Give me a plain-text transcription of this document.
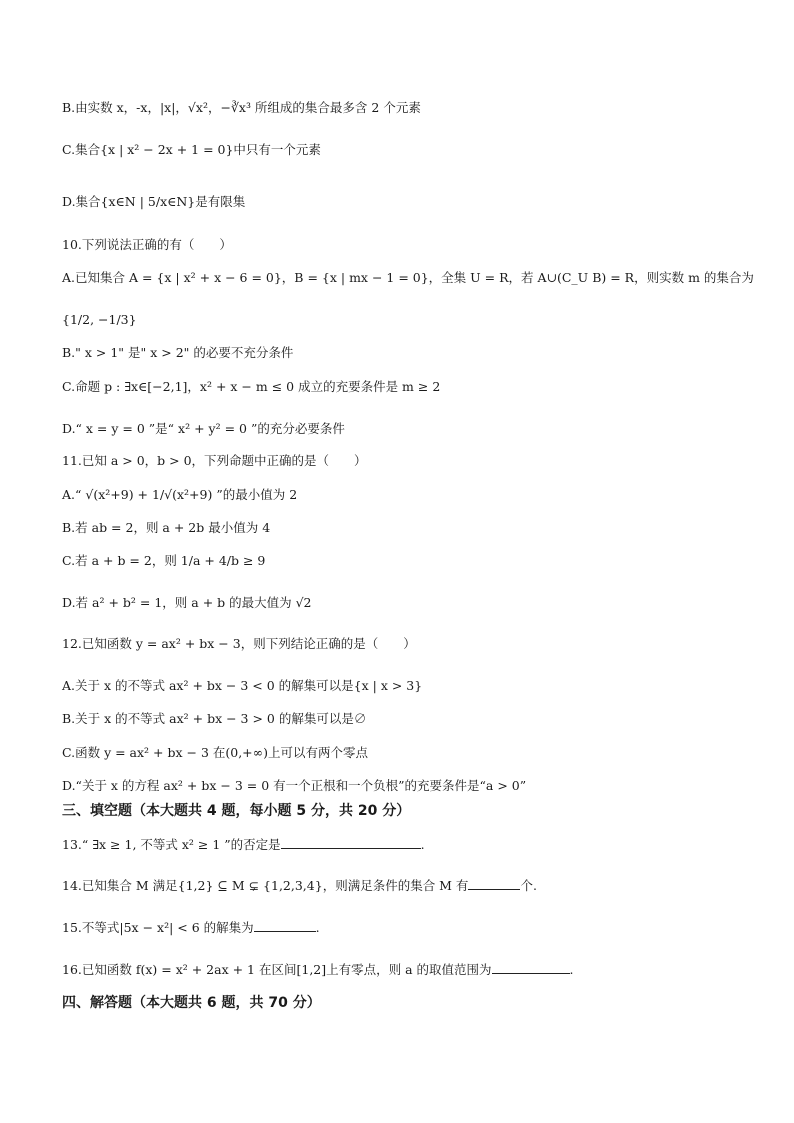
B.由实数 x，-x，|x|，√x²，−∛x³ 所组成的集合最多含 2 个元素
C.集合{x | x² − 2x + 1 = 0}中只有一个元素
D.集合{x∈N | 5/x∈N}是有限集
10.下列说法正确的有（　　）
A.已知集合 A = {x | x² + x − 6 = 0}，B = {x | mx − 1 = 0}，全集 U = R，若 A∪(C_U B) = R，则实数 m 的集合为
{1/2, −1/3}
B." x > 1" 是" x > 2" 的必要不充分条件
C.命题 p : ∃x∈[−2,1]，x² + x − m ≤ 0 成立的充要条件是 m ≥ 2
D.“ x = y = 0 ”是“ x² + y² = 0 ”的充分必要条件
11.已知 a > 0，b > 0，下列命题中正确的是（　　）
A.“ √(x²+9) + 1/√(x²+9) ”的最小值为 2
B.若 ab = 2，则 a + 2b 最小值为 4
C.若 a + b = 2，则 1/a + 4/b ≥ 9
D.若 a² + b² = 1，则 a + b 的最大值为 √2
12.已知函数 y = ax² + bx − 3，则下列结论正确的是（　　）
A.关于 x 的不等式 ax² + bx − 3 < 0 的解集可以是{x | x > 3}
B.关于 x 的不等式 ax² + bx − 3 > 0 的解集可以是∅
C.函数 y = ax² + bx − 3 在(0,+∞)上可以有两个零点
D.“关于 x 的方程 ax² + bx − 3 = 0 有一个正根和一个负根”的充要条件是“a > 0”
三、填空题（本大题共 4 题，每小题 5 分，共 20 分）
13.“ ∃x ≥ 1, 不等式 x² ≥ 1 ”的否定是	.
14.已知集合 M 满足{1,2} ⊆ M ⊊ {1,2,3,4}，则满足条件的集合 M 有	个.
15.不等式|5x − x²| < 6 的解集为	.
16.已知函数 f(x) = x² + 2ax + 1 在区间[1,2]上有零点，则 a 的取值范围为	.
四、解答题（本大题共 6 题，共 70 分）
